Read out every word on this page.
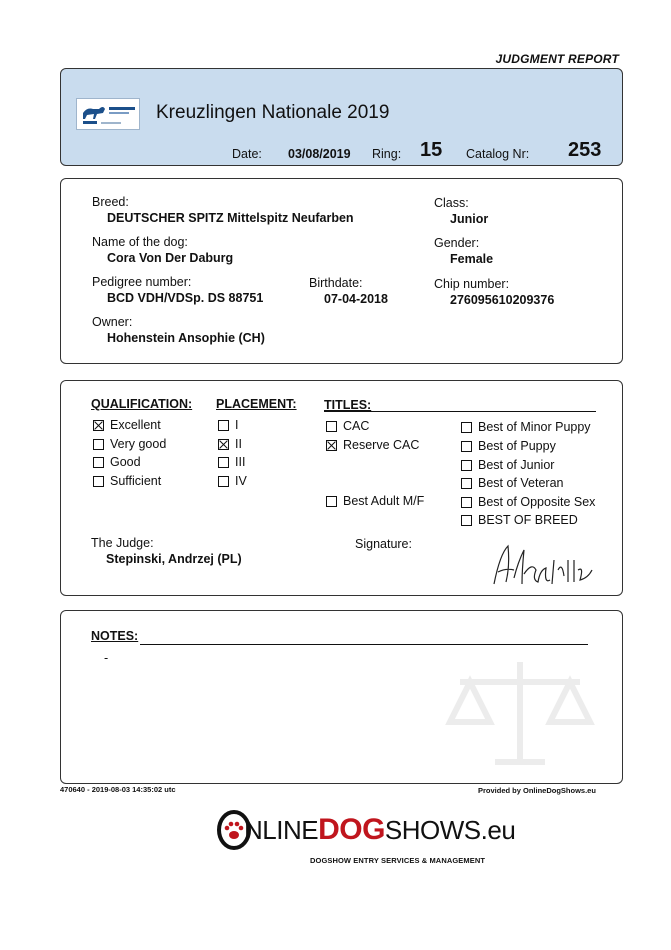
JUDGMENT REPORT
Kreuzlingen Nationale 2019
Date: 03/08/2019 Ring: 15 Catalog Nr: 253
Breed:
DEUTSCHER SPITZ Mittelspitz Neufarben
Class:
Junior
Name of the dog:
Cora Von Der Daburg
Gender:
Female
Pedigree number:
BCD VDH/VDSp. DS 88751
Birthdate:
07-04-2018
Chip number:
276095610209376
Owner:
Hohenstein Ansophie (CH)
QUALIFICATION: PLACEMENT: TITLES:
Excellent
Very good
Good
Sufficient
I
II
III
IV
CAC
Reserve CAC
Best Adult M/F
Best of Minor Puppy
Best of Puppy
Best of Junior
Best of Veteran
Best of Opposite Sex
BEST OF BREED
The Judge:
Stepinski, Andrzej (PL)
Signature:
NOTES:
-
470640 - 2019-08-03 14:35:02 utc	Provided by OnlineDogShows.eu
NLINEDOGSHOWS.eu
DOGSHOW ENTRY SERVICES & MANAGEMENT
